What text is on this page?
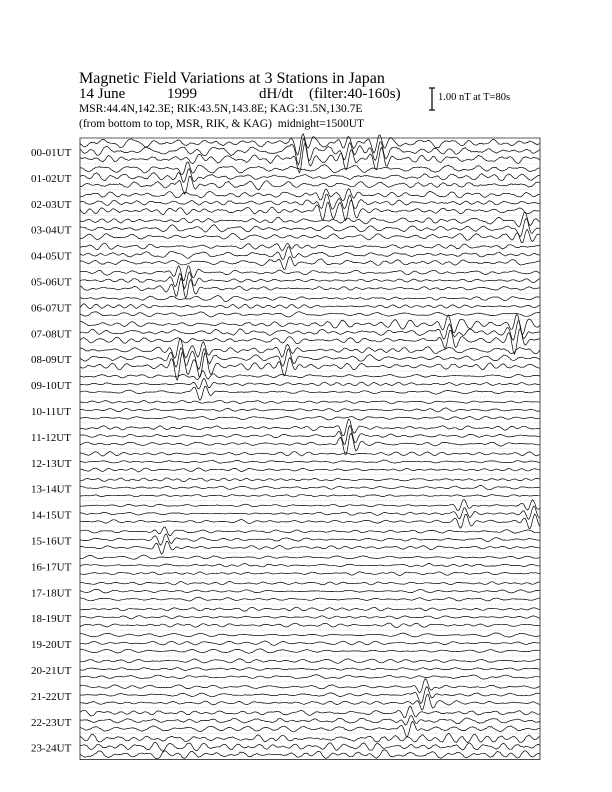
Magnetic Field Variations at 3 Stations in Japan
14 June	1999	dH/dt (filter:40-160s)
MSR:44.4N,142.3E; RIK:43.5N,143.8E; KAG:31.5N,130.7E
(from bottom to top, MSR, RIK, & KAG)  midnight=1500UT
1.00 nT at T=80s
00-01UT
01-02UT
02-03UT
03-04UT
04-05UT
05-06UT
06-07UT
07-08UT
08-09UT
09-10UT
10-11UT
11-12UT
12-13UT
13-14UT
14-15UT
15-16UT
16-17UT
17-18UT
18-19UT
19-20UT
20-21UT
21-22UT
22-23UT
23-24UT
